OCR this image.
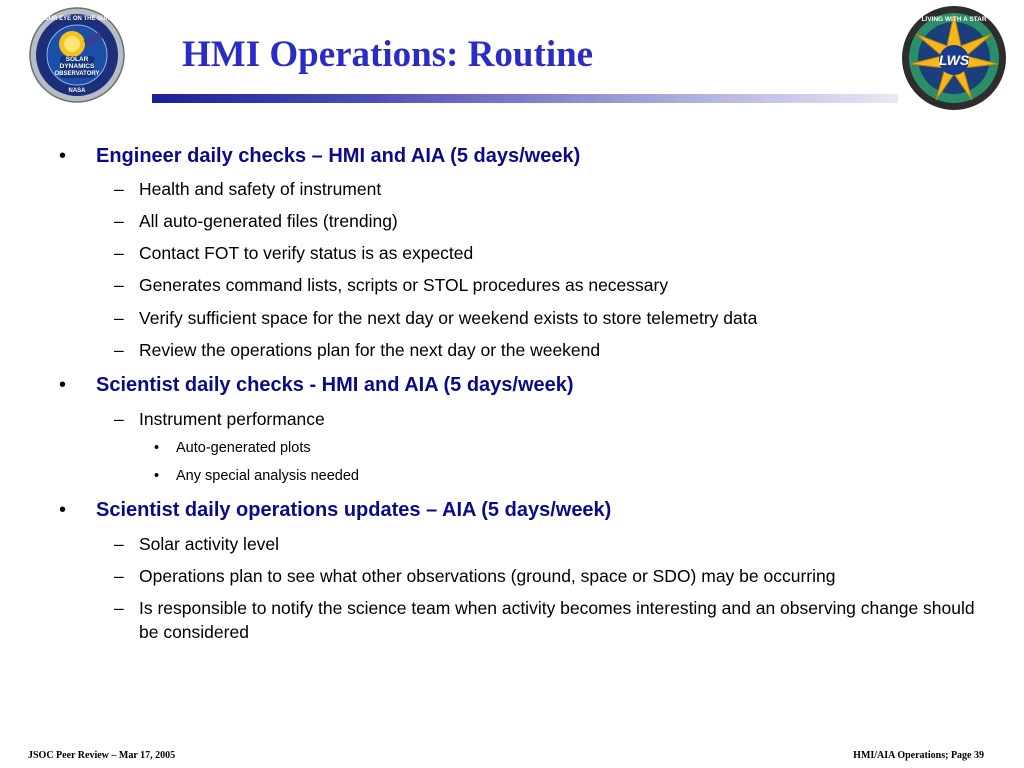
OUR EYE ON THE SUN
SOLAR
DYNAMICS
OBSERVATORY
NASA
HMI Operations: Routine
LIVING WITH A STAR
LWS
• Engineer daily checks – HMI and AIA (5 days/week)
– Health and safety of instrument
– All auto-generated files (trending)
– Contact FOT to verify status is as expected
– Generates command lists, scripts or STOL procedures as necessary
– Verify sufficient space for the next day or weekend exists to store telemetry data
– Review the operations plan for the next day or the weekend
• Scientist daily checks - HMI and AIA (5 days/week)
– Instrument performance
• Auto-generated plots
• Any special analysis needed
• Scientist daily operations updates – AIA (5 days/week)
– Solar activity level
– Operations plan to see what other observations (ground, space or SDO) may be occurring
– Is responsible to notify the science team when activity becomes interesting and an observing change should be considered
JSOC Peer Review – Mar 17, 2005	HMI/AIA Operations; Page 39
